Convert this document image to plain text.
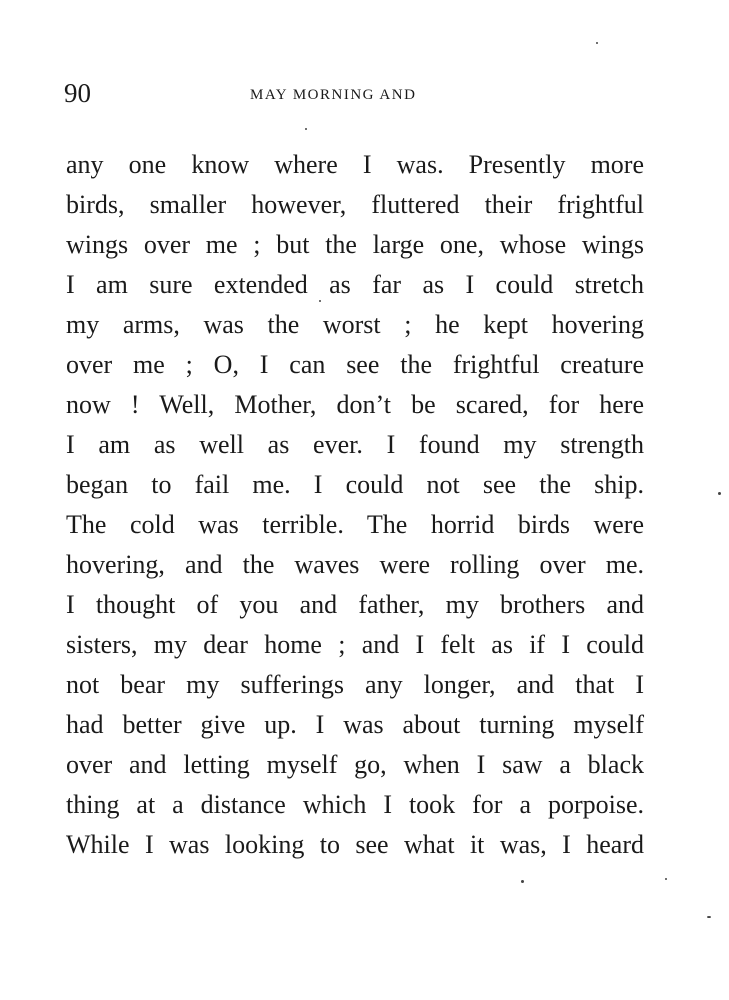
90	MAY MORNING AND
any one know where I was. Presently more
birds, smaller however, fluttered their frightful
wings over me ; but the large one, whose wings
I am sure extended as far as I could stretch
my arms, was the worst ; he kept hovering
over me ; O, I can see the frightful creature
now ! Well, Mother, don’t be scared, for here
I am as well as ever. I found my strength
began to fail me. I could not see the ship.
The cold was terrible. The horrid birds were
hovering, and the waves were rolling over me.
I thought of you and father, my brothers and
sisters, my dear home ; and I felt as if I could
not bear my sufferings any longer, and that I
had better give up. I was about turning myself
over and letting myself go, when I saw a black
thing at a distance which I took for a porpoise.
While I was looking to see what it was, I heard
